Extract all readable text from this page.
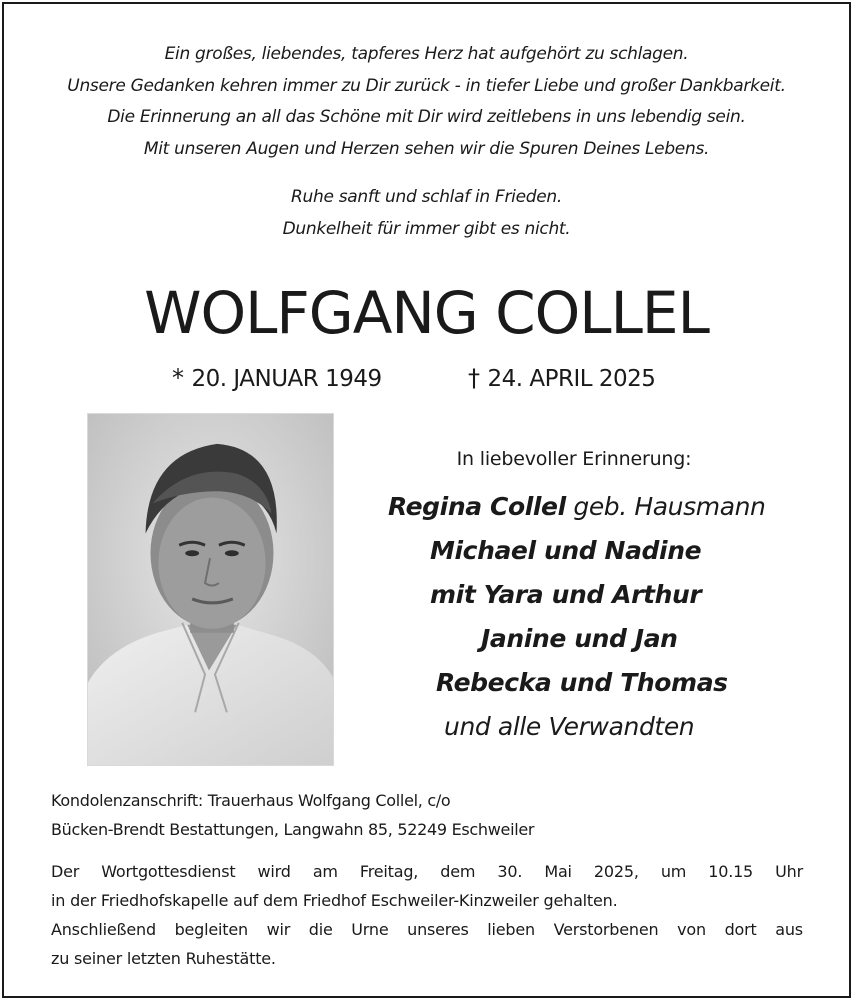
Ein großes, liebendes, tapferes Herz hat aufgehört zu schlagen.
Unsere Gedanken kehren immer zu Dir zurück - in tiefer Liebe und großer Dankbarkeit.
Die Erinnerung an all das Schöne mit Dir wird zeitlebens in uns lebendig sein.
Mit unseren Augen und Herzen sehen wir die Spuren Deines Lebens.
Ruhe sanft und schlaf in Frieden.
Dunkelheit für immer gibt es nicht.
WOLFGANG COLLEL
* 20. JANUAR 1949	† 24. APRIL 2025
In liebevoller Erinnerung:
Regina Collel geb. Hausmann
Michael und Nadine
mit Yara und Arthur
Janine und Jan
Rebecka und Thomas
und alle Verwandten
Kondolenzanschrift: Trauerhaus Wolfgang Collel, c/o
Bücken-Brendt Bestattungen, Langwahn 85, 52249 Eschweiler
Der Wortgottesdienst wird am Freitag, dem 30. Mai 2025, um 10.15 Uhr
in der Friedhofskapelle auf dem Friedhof Eschweiler-Kinzweiler gehalten.
Anschließend begleiten wir die Urne unseres lieben Verstorbenen von dort aus
zu seiner letzten Ruhestätte.
